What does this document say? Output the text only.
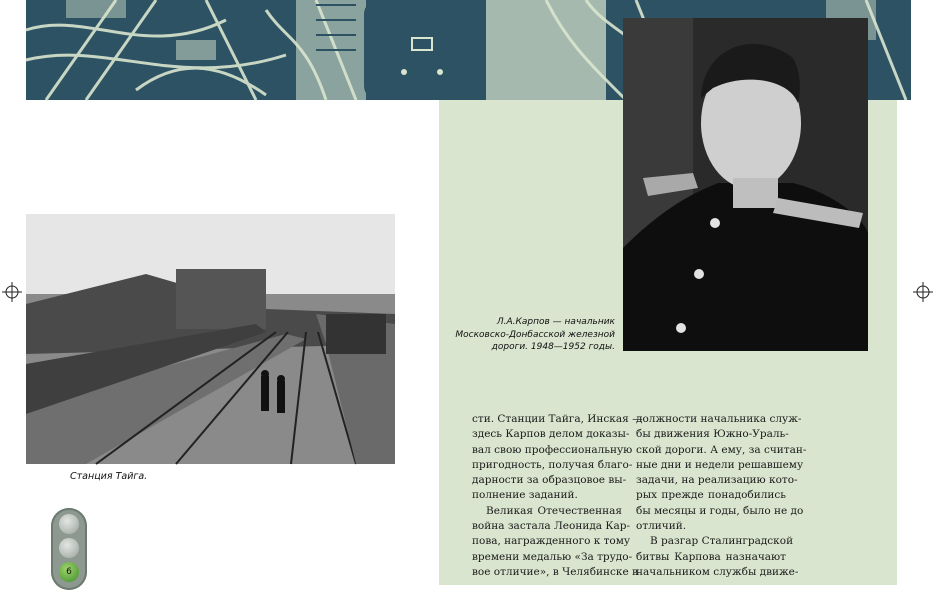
Станция Тайга.
Л.А.Карпов — начальник
Московско-Донбасской железной
дороги. 1948—1952 годы.
сти. Станции Тайга, Инская —
здесь Карпов делом доказы-
вал свою профессиональную
пригодность, получая благо-
дарности за образцовое вы-
полнение заданий.
Великая Отечественная
война застала Леонида Кар-
пова, награжденного к тому
времени медалью «За трудо-
вое отличие», в Челябинске в
должности начальника служ-
бы движения Южно-Ураль-
ской дороги. А ему, за считан-
ные дни и недели решавшему
задачи, на реализацию кото-
рых прежде понадобились
бы месяцы и годы, было не до
отличий.
В разгар Сталинградской
битвы Карпова назначают
начальником службы движе-
6
